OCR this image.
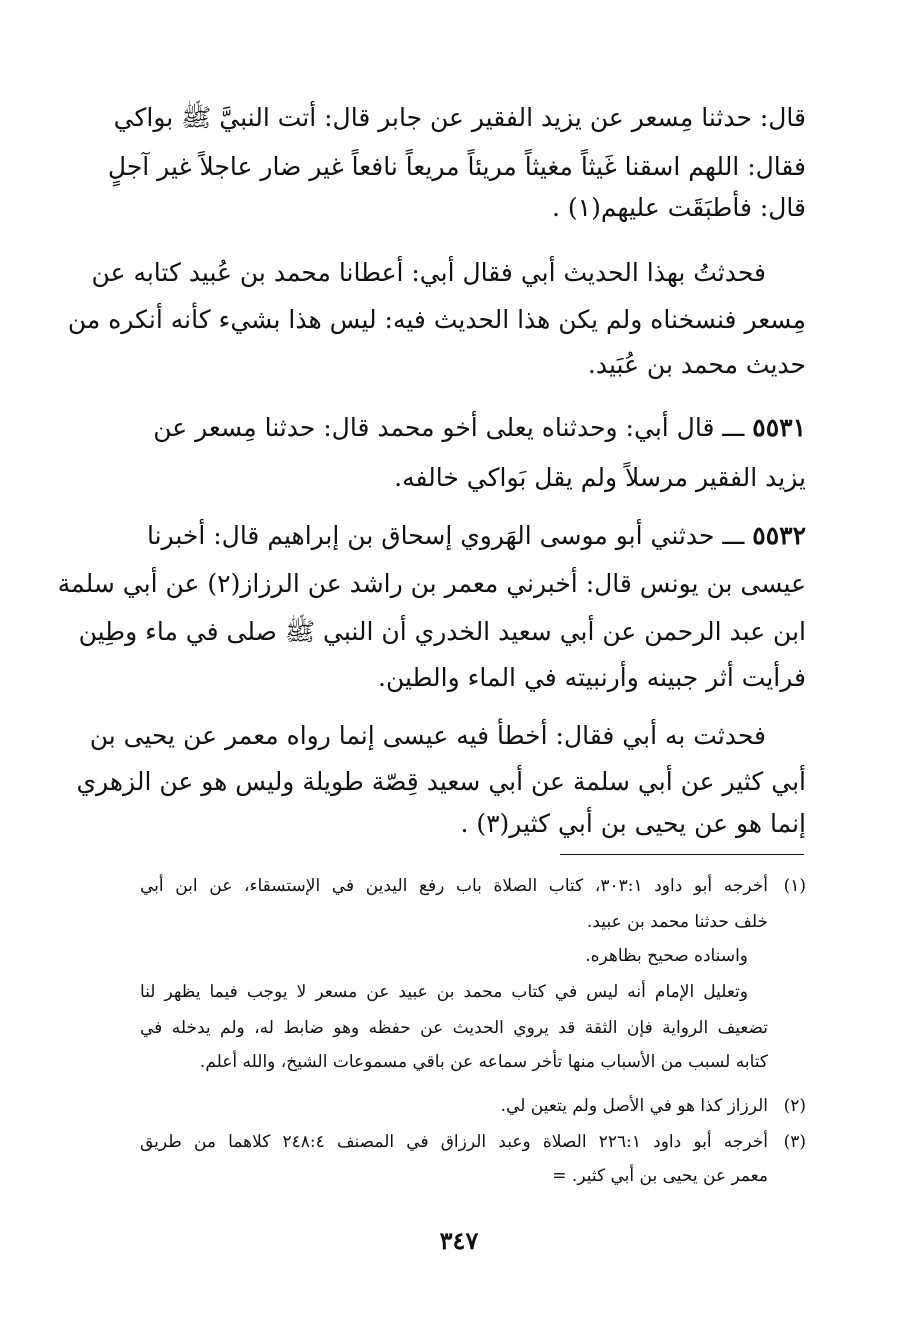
قال: حدثنا مِسعر عن يزيد الفقير عن جابر قال: أتت النبيَّ ﷺ بواكي
فقال: اللهم اسقنا غَيثاً مغيثاً مريئاً مريعاً نافعاً غير ضار عاجلاً غير آجلٍ
قال: فأطبَقَت عليهم(١) .
فحدثتُ بهذا الحديث أبي فقال أبي: أعطانا محمد بن عُبيد كتابه عن
مِسعر فنسخناه ولم يكن هذا الحديث فيه: ليس هذا بشيء كأنه أنكره من
حديث محمد بن عُبَيد.
٥٥٣١ ـــ قال أبي: وحدثناه يعلى أخو محمد قال: حدثنا مِسعر عن
يزيد الفقير مرسلاً ولم يقل بَواكي خالفه.
٥٥٣٢ ـــ حدثني أبو موسى الهَروي إسحاق بن إبراهيم قال: أخبرنا
عيسى بن يونس قال: أخبرني معمر بن راشد عن الرزاز(٢) عن أبي سلمة
ابن عبد الرحمن عن أبي سعيد الخدري أن النبي ﷺ صلى في ماء وطِين
فرأيت أثر جبينه وأرنبيته في الماء والطين.
فحدثت به أبي فقال: أخطأ فيه عيسى إنما رواه معمر عن يحيى بن
أبي كثير عن أبي سلمة عن أبي سعيد قِصّة طويلة وليس هو عن الزهري
إنما هو عن يحيى بن أبي كثير(٣) .
(١)
أخرجه أبو داود ٣٠٣:١، كتاب الصلاة باب رفع اليدين في الإستسقاء، عن ابن أبي
خلف حدثنا محمد بن عبيد.
واسناده صحيح بظاهره.
وتعليل الإمام أنه ليس في كتاب محمد بن عبيد عن مسعر لا يوجب فيما يظهر لنا
تضعيف الرواية فإن الثقة قد يروي الحديث عن حفظه وهو ضابط له، ولم يدخله في
كتابه لسبب من الأسباب منها تأخر سماعه عن باقي مسموعات الشيخ، والله أعلم.
(٢)
الرزاز كذا هو في الأصل ولم يتعين لي.
(٣)
أخرجه أبو داود ٢٢٦:١ الصلاة وعبد الرزاق في المصنف ٢٤٨:٤ كلاهما من طريق
معمر عن يحيى بن أبي كثير. =
٣٤٧
